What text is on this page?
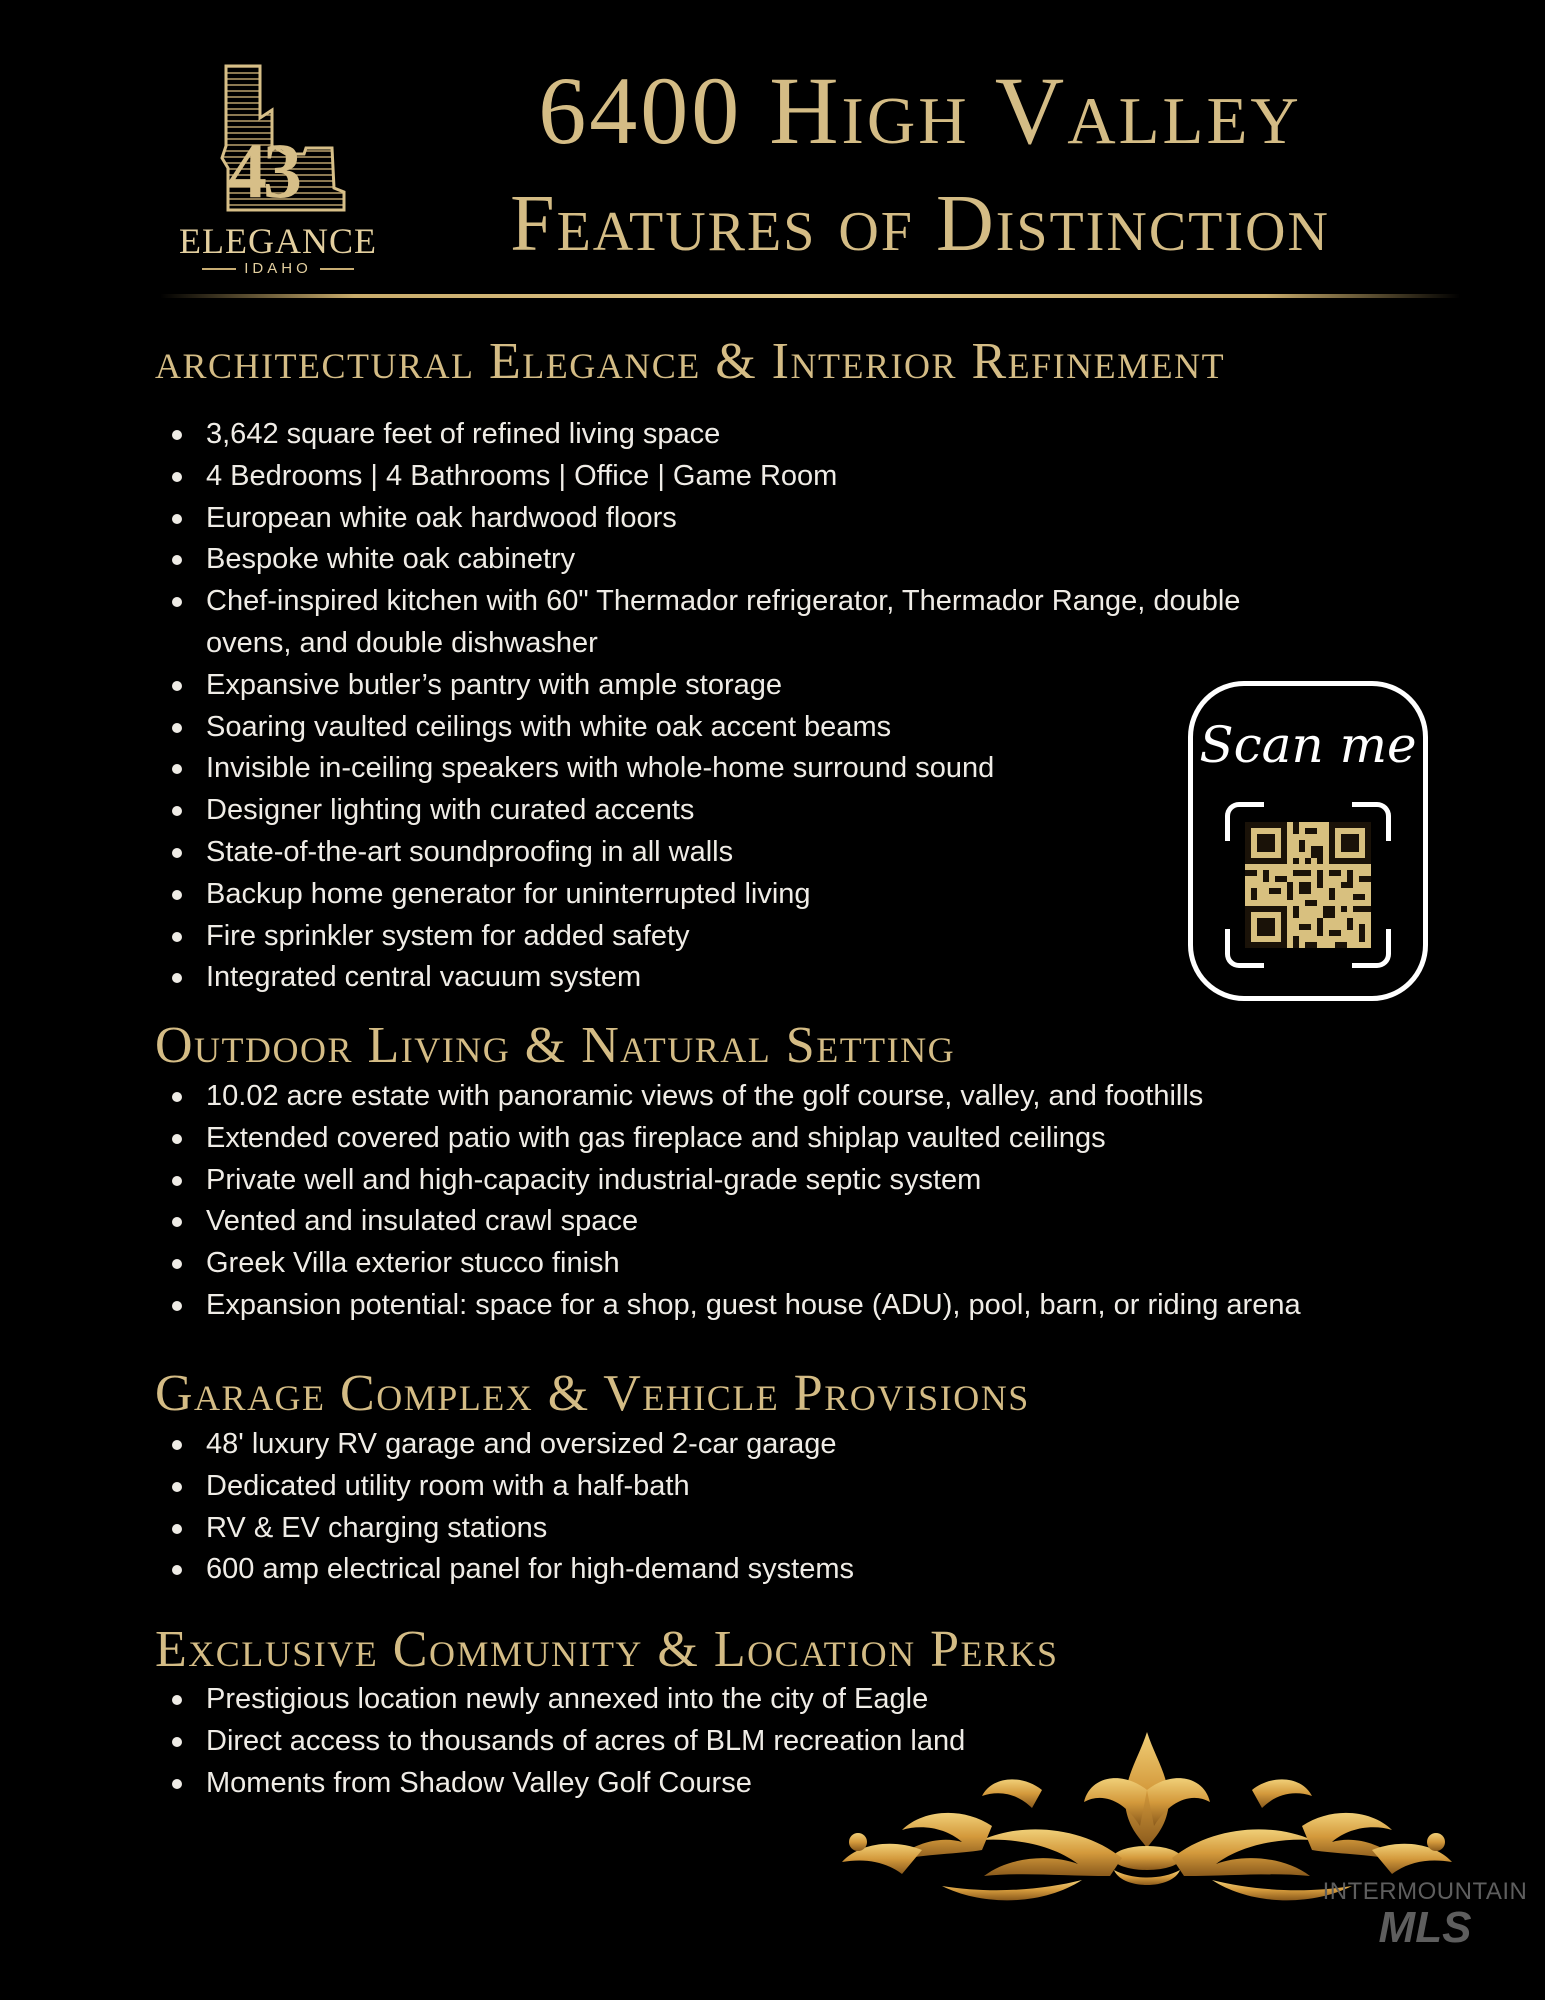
43
ELEGANCE
IDAHO
6400 High Valley
Features of Distinction
architectural Elegance & Interior Refinement
3,642 square feet of refined living space
4 Bedrooms | 4 Bathrooms | Office | Game Room
European white oak hardwood floors
Bespoke white oak cabinetry
Chef-inspired kitchen with 60" Thermador refrigerator, Thermador Range, double ovens, and double dishwasher
Expansive butler’s pantry with ample storage
Soaring vaulted ceilings with white oak accent beams
Invisible in-ceiling speakers with whole-home surround sound
Designer lighting with curated accents
State-of-the-art soundproofing in all walls
Backup home generator for uninterrupted living
Fire sprinkler system for added safety
Integrated central vacuum system
Scan me
Outdoor Living & Natural Setting
10.02 acre estate with panoramic views of the golf course, valley, and foothills
Extended covered patio with gas fireplace and shiplap vaulted ceilings
Private well and high-capacity industrial-grade septic system
Vented and insulated crawl space
Greek Villa exterior stucco finish
Expansion potential: space for a shop, guest house (ADU), pool, barn, or riding arena
Garage Complex & Vehicle Provisions
48' luxury RV garage and oversized 2-car garage
Dedicated utility room with a half-bath
RV & EV charging stations
600 amp electrical panel for high-demand systems
Exclusive Community & Location Perks
Prestigious location newly annexed into the city of Eagle
Direct access to thousands of acres of BLM recreation land
Moments from Shadow Valley Golf Course
INTERMOUNTAIN
MLS
